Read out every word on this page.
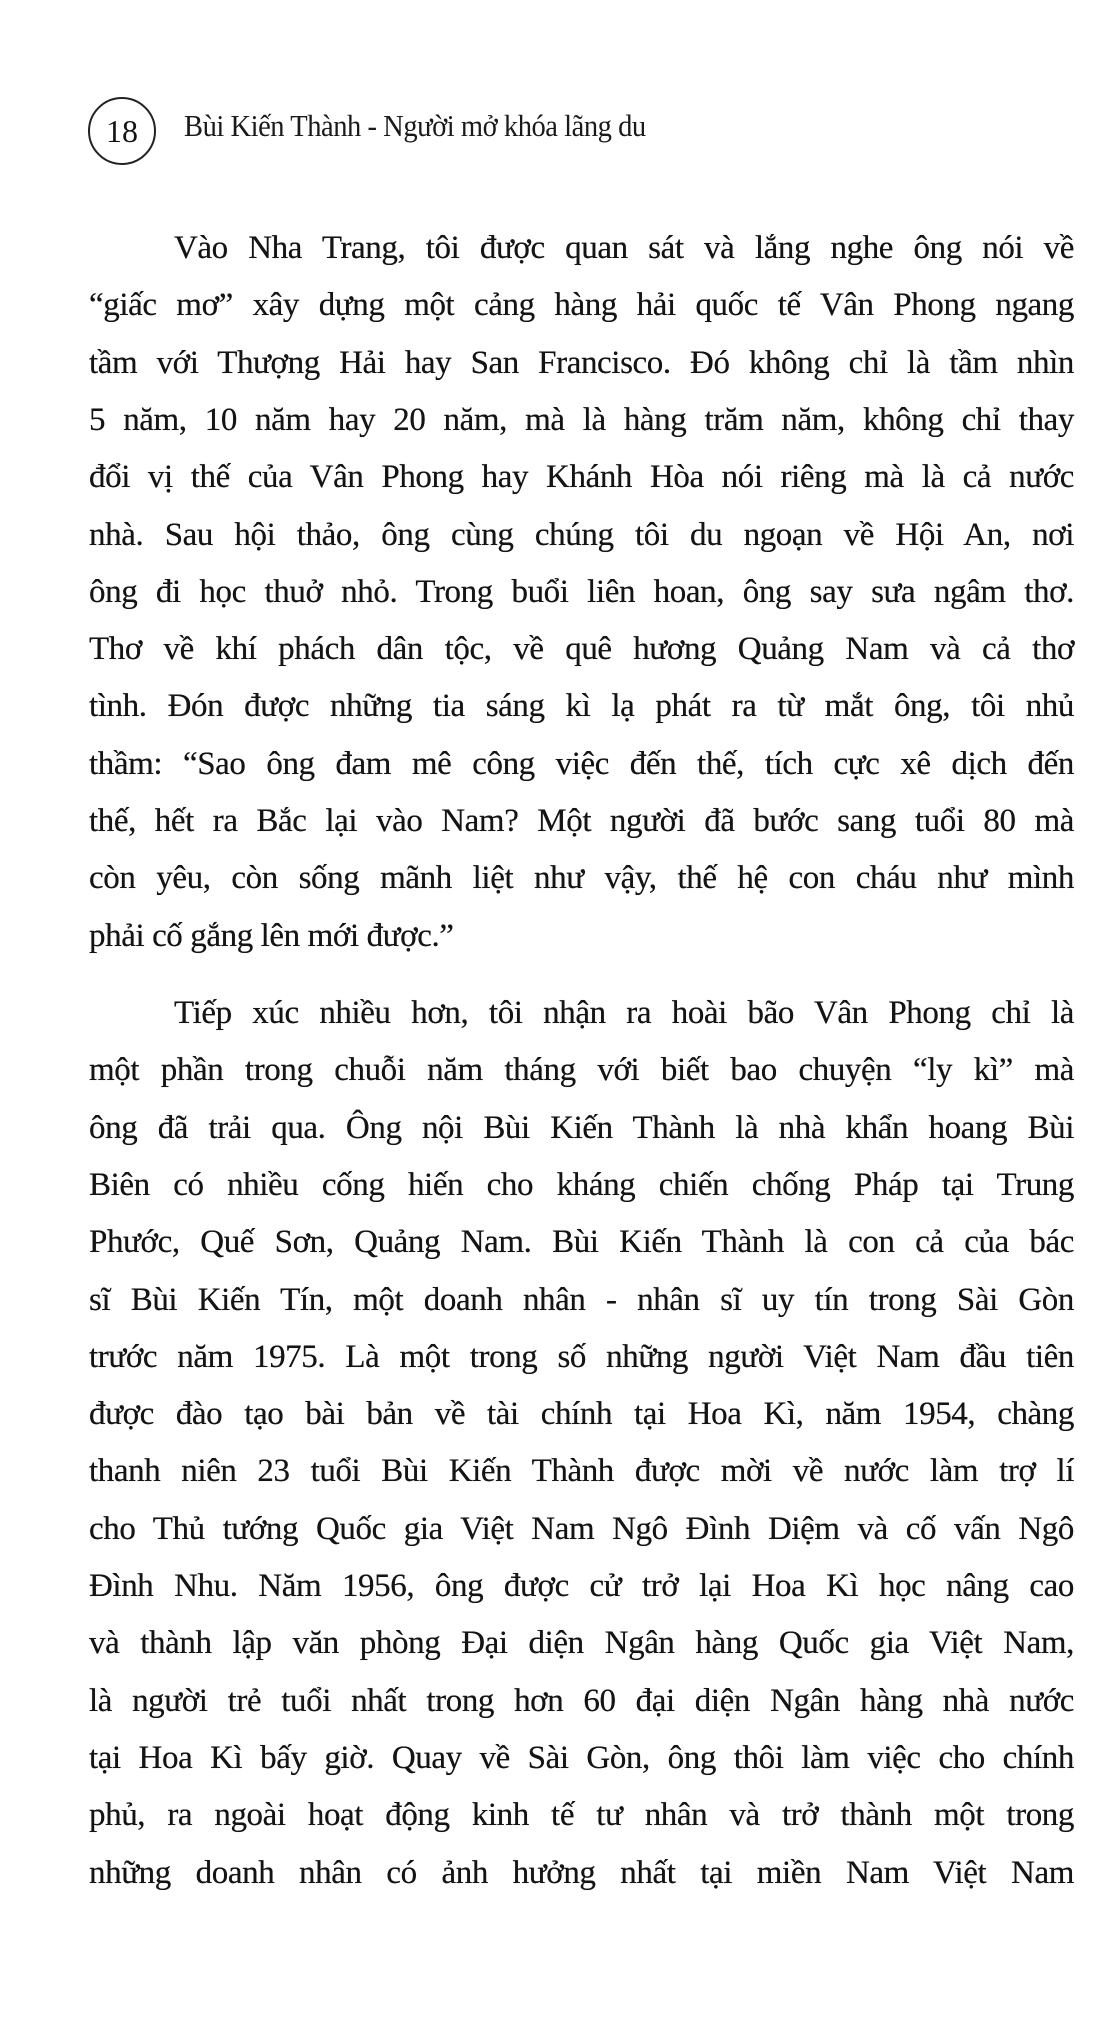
18 Bùi Kiến Thành - Người mở khóa lãng du
Vào Nha Trang, tôi được quan sát và lắng nghe ông nói về
“giấc mơ” xây dựng một cảng hàng hải quốc tế Vân Phong ngang
tầm với Thượng Hải hay San Francisco. Đó không chỉ là tầm nhìn
5 năm, 10 năm hay 20 năm, mà là hàng trăm năm, không chỉ thay
đổi vị thế của Vân Phong hay Khánh Hòa nói riêng mà là cả nước
nhà. Sau hội thảo, ông cùng chúng tôi du ngoạn về Hội An, nơi
ông đi học thuở nhỏ. Trong buổi liên hoan, ông say sưa ngâm thơ.
Thơ về khí phách dân tộc, về quê hương Quảng Nam và cả thơ
tình. Đón được những tia sáng kì lạ phát ra từ mắt ông, tôi nhủ
thầm: “Sao ông đam mê công việc đến thế, tích cực xê dịch đến
thế, hết ra Bắc lại vào Nam? Một người đã bước sang tuổi 80 mà
còn yêu, còn sống mãnh liệt như vậy, thế hệ con cháu như mình
phải cố gắng lên mới được.”
Tiếp xúc nhiều hơn, tôi nhận ra hoài bão Vân Phong chỉ là
một phần trong chuỗi năm tháng với biết bao chuyện “ly kì” mà
ông đã trải qua. Ông nội Bùi Kiến Thành là nhà khẩn hoang Bùi
Biên có nhiều cống hiến cho kháng chiến chống Pháp tại Trung
Phước, Quế Sơn, Quảng Nam. Bùi Kiến Thành là con cả của bác
sĩ Bùi Kiến Tín, một doanh nhân - nhân sĩ uy tín trong Sài Gòn
trước năm 1975. Là một trong số những người Việt Nam đầu tiên
được đào tạo bài bản về tài chính tại Hoa Kì, năm 1954, chàng
thanh niên 23 tuổi Bùi Kiến Thành được mời về nước làm trợ lí
cho Thủ tướng Quốc gia Việt Nam Ngô Đình Diệm và cố vấn Ngô
Đình Nhu. Năm 1956, ông được cử trở lại Hoa Kì học nâng cao
và thành lập văn phòng Đại diện Ngân hàng Quốc gia Việt Nam,
là người trẻ tuổi nhất trong hơn 60 đại diện Ngân hàng nhà nước
tại Hoa Kì bấy giờ. Quay về Sài Gòn, ông thôi làm việc cho chính
phủ, ra ngoài hoạt động kinh tế tư nhân và trở thành một trong
những doanh nhân có ảnh hưởng nhất tại miền Nam Việt Nam
